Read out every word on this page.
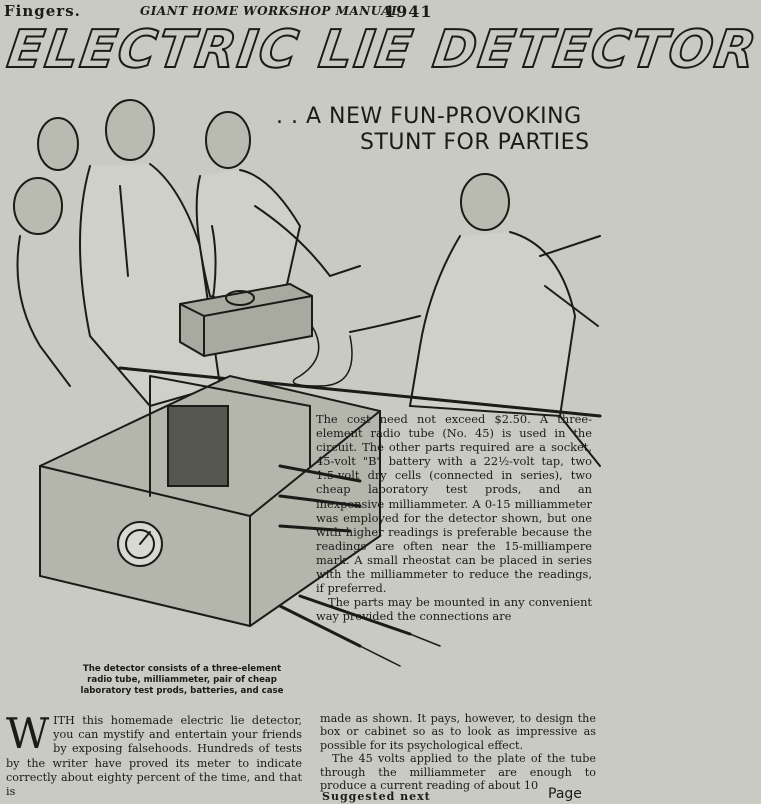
Fingers.	GIANT HOME WORKSHOP MANUAL
1941
ELECTRIC LIE DETECTOR
. . A NEW FUN-PROVOKING
STUNT FOR PARTIES

The cost need not exceed $2.50. A three-element radio tube (No. 45) is used in the circuit. The other parts required are a socket, 45-volt "B" battery with a 22½-volt tap, two 1.5-volt dry cells (connected in series), two cheap laboratory test prods, and an inexpensive milliammeter. A 0-15 milliammeter was employed for the detector shown, but one with higher readings is preferable because the readings are often near the 15-milliampere mark. A small rheostat can be placed in series with the milliammeter to reduce the readings, if preferred.

The parts may be mounted in any convenient way provided the connections are

The detector consists of a three-element radio tube, milliammeter, pair of cheap laboratory test prods, batteries, and case
W ITH this homemade electric lie detector, you can mystify and entertain your friends by exposing falsehoods. Hundreds of tests by the writer have proved its meter to indicate correctly about eighty percent of the time, and that is

made as shown. It pays, however, to design the box or cabinet so as to look as impressive as possible for its psychological effect.

The 45 volts applied to the plate of the tube through the milliammeter are enough to produce a current reading of about 10

Suggested next	Page
